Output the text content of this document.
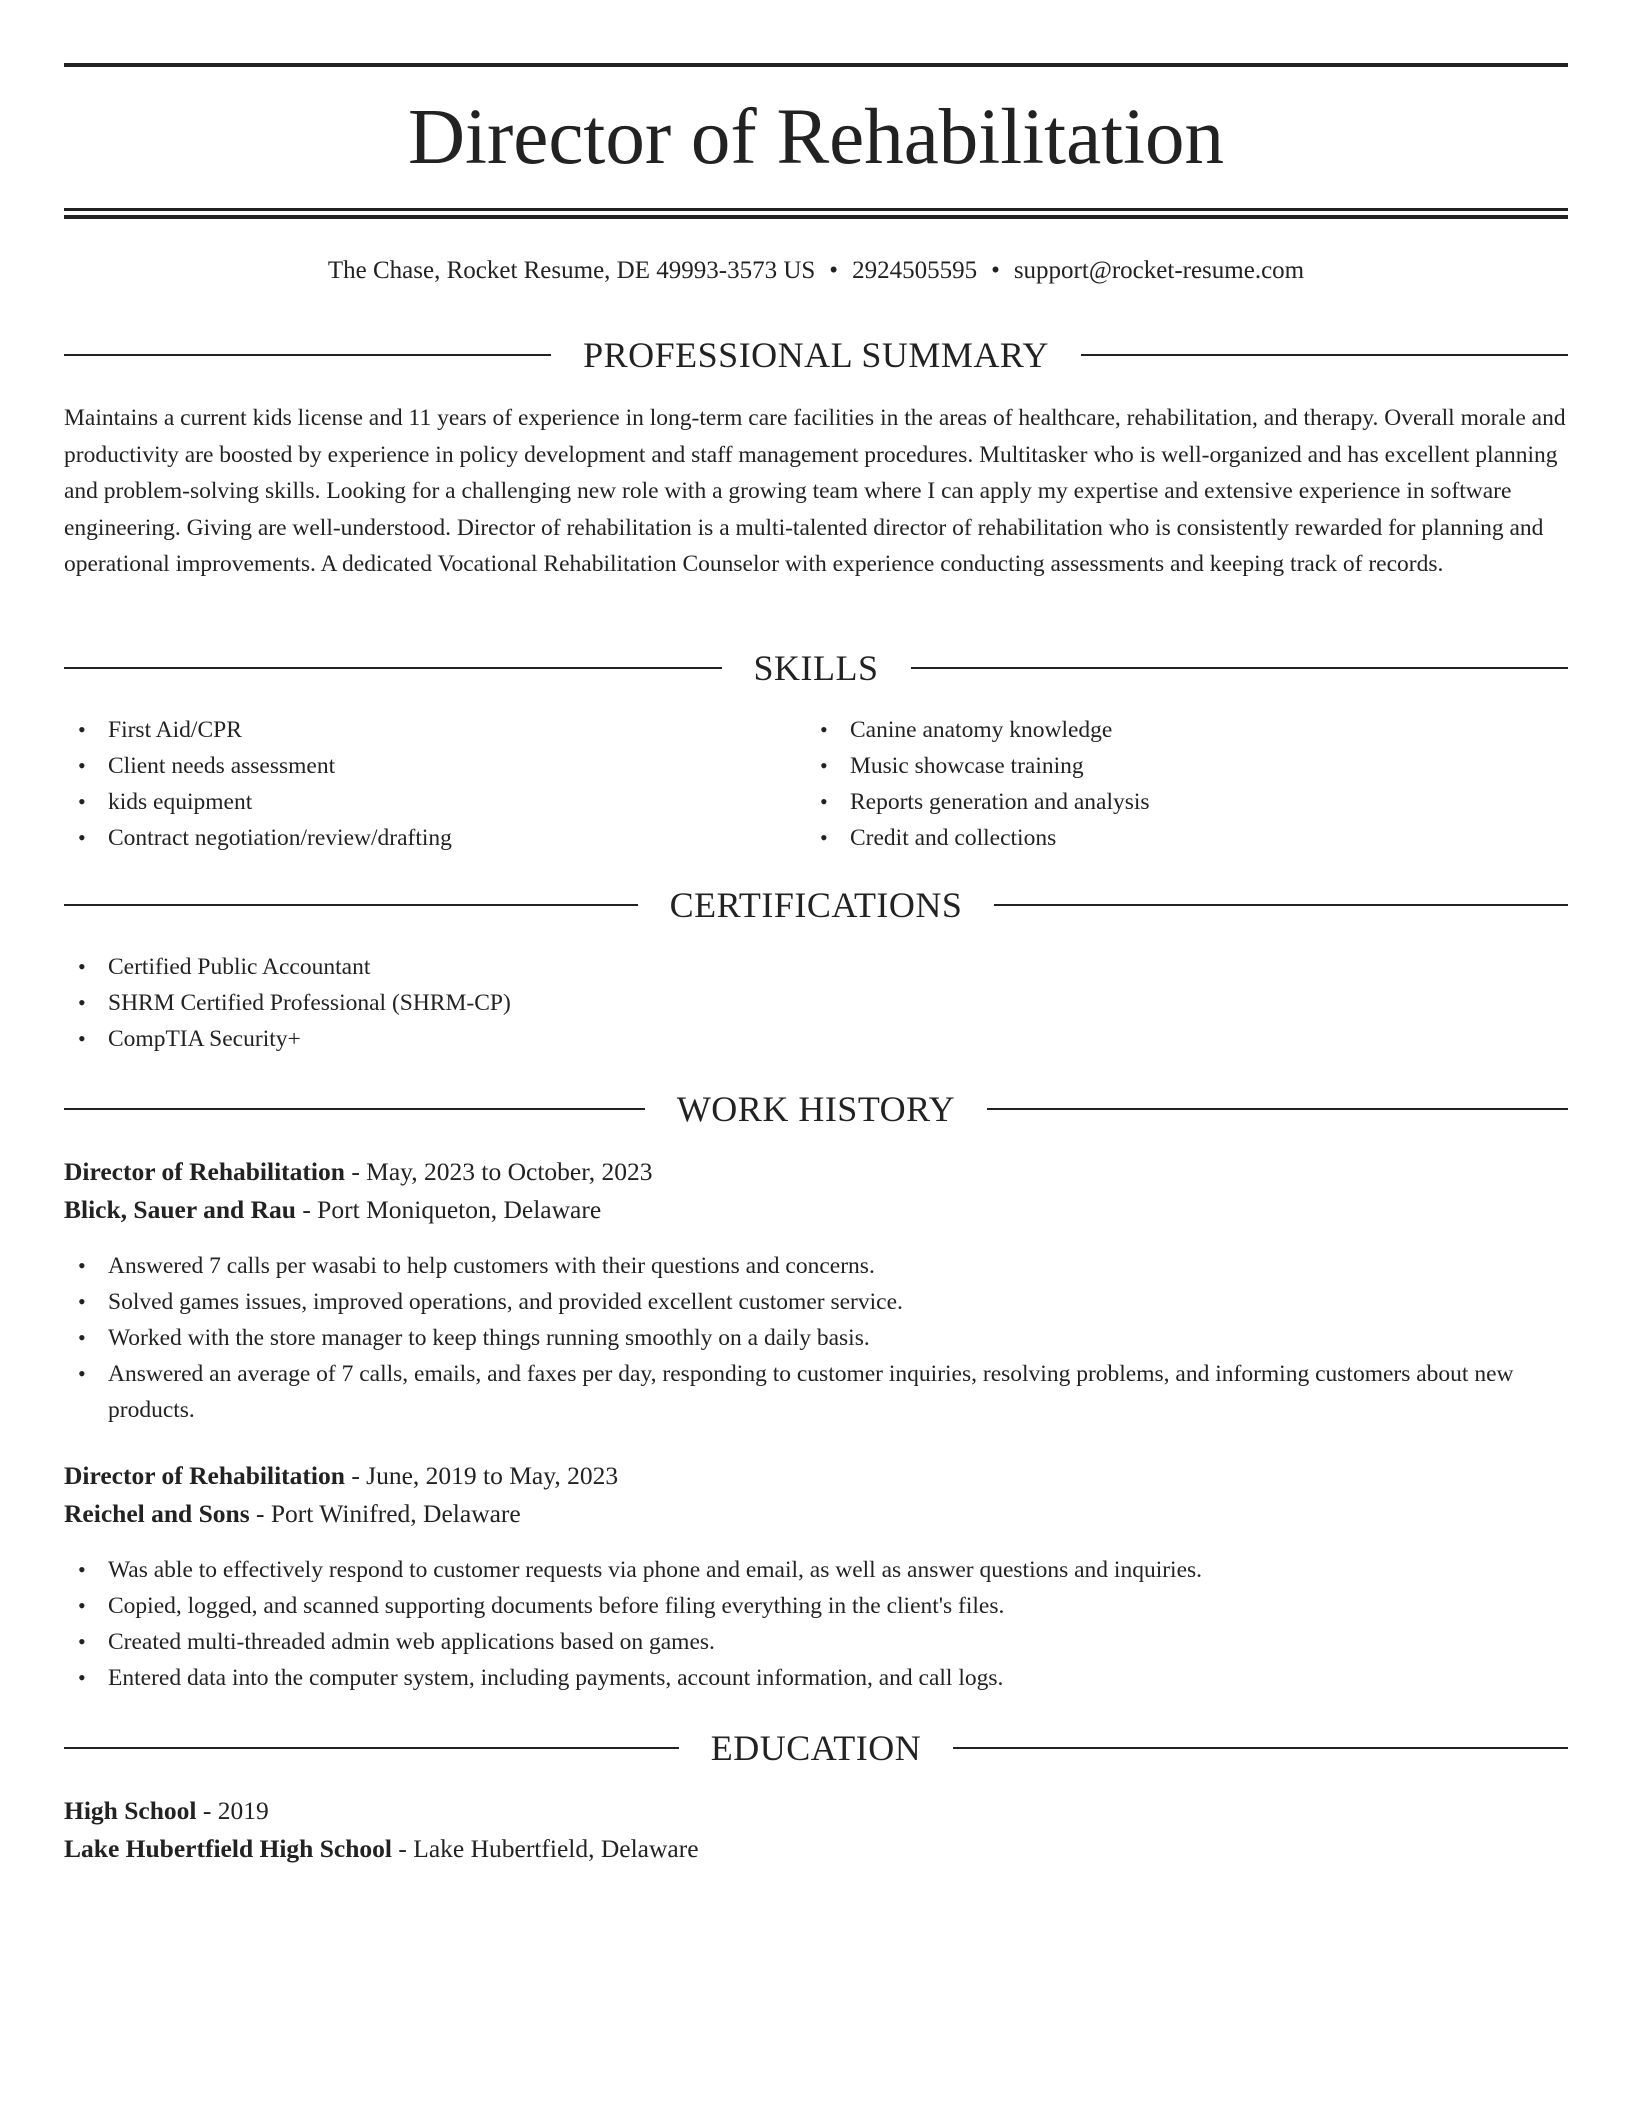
Director of Rehabilitation
The Chase, Rocket Resume, DE 49993-3573 US • 2924505595 • support@rocket-resume.com
PROFESSIONAL SUMMARY

Maintains a current kids license and 11 years of experience in long-term care facilities in the areas of healthcare, rehabilitation, and therapy. Overall morale and productivity are boosted by experience in policy development and staff management procedures. Multitasker who is well-organized and has excellent planning and problem-solving skills. Looking for a challenging new role with a growing team where I can apply my expertise and extensive experience in software engineering. Giving are well-understood. Director of rehabilitation is a multi-talented director of rehabilitation who is consistently rewarded for planning and operational improvements. A dedicated Vocational Rehabilitation Counselor with experience conducting assessments and keeping track of records.

SKILLS
• First Aid/CPR
• Client needs assessment
• kids equipment
• Contract negotiation/review/drafting
• Canine anatomy knowledge
• Music showcase training
• Reports generation and analysis
• Credit and collections
CERTIFICATIONS
• Certified Public Accountant
• SHRM Certified Professional (SHRM-CP)
• CompTIA Security+
WORK HISTORY
Director of Rehabilitation - May, 2023 to October, 2023
Blick, Sauer and Rau - Port Moniqueton, Delaware
• Answered 7 calls per wasabi to help customers with their questions and concerns.
• Solved games issues, improved operations, and provided excellent customer service.
• Worked with the store manager to keep things running smoothly on a daily basis.
• Answered an average of 7 calls, emails, and faxes per day, responding to customer inquiries, resolving problems, and informing customers about new products.
Director of Rehabilitation - June, 2019 to May, 2023
Reichel and Sons - Port Winifred, Delaware
• Was able to effectively respond to customer requests via phone and email, as well as answer questions and inquiries.
• Copied, logged, and scanned supporting documents before filing everything in the client's files.
• Created multi-threaded admin web applications based on games.
• Entered data into the computer system, including payments, account information, and call logs.
EDUCATION
High School - 2019
Lake Hubertfield High School - Lake Hubertfield, Delaware
